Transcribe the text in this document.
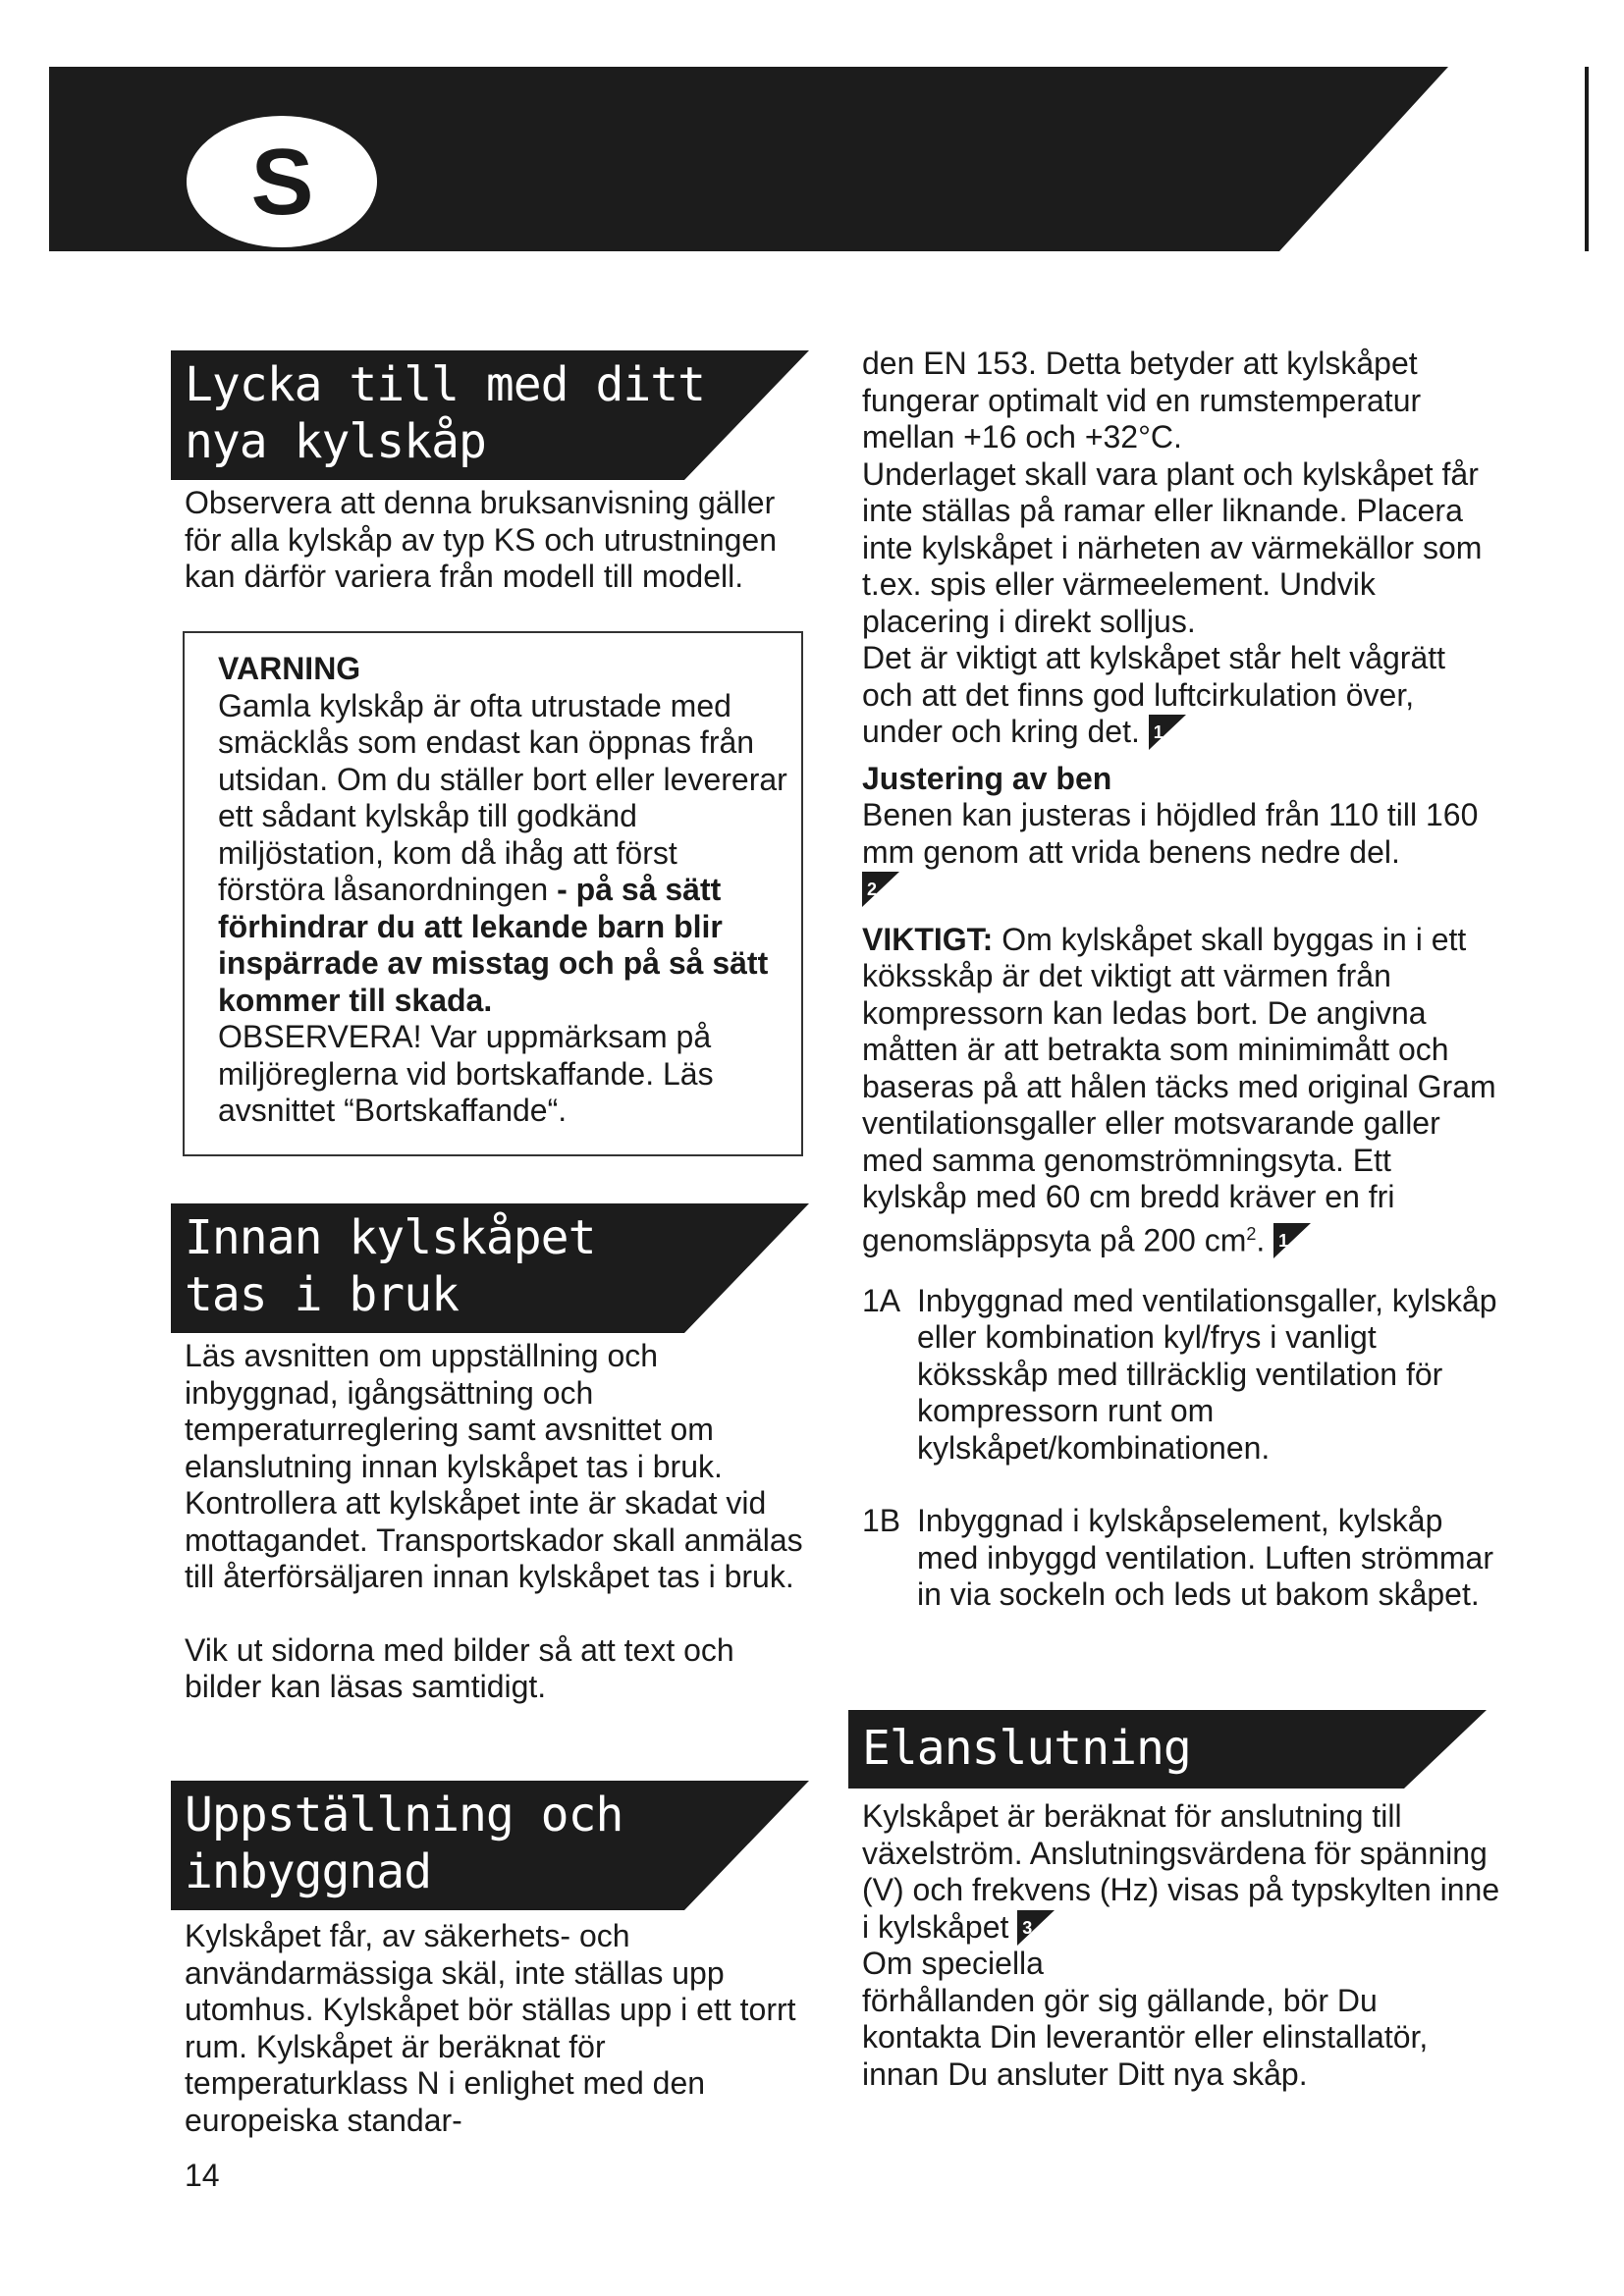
S
Lycka till med ditt
nya kylskåp
Observera att denna bruksanvisning gäller för alla kylskåp av typ KS och utrustningen kan därför variera från modell till modell.

VARNING

Gamla kylskåp är ofta utrustade med smäcklås som endast kan öppnas från utsidan. Om du ställer bort eller levererar ett sådant kylskåp till godkänd miljöstation, kom då ihåg att först förstöra låsanordningen - på så sätt förhindrar du att lekande barn blir inspärrade av misstag och på så sätt kommer till skada.

OBSERVERA! Var uppmärksam på miljöreglerna vid bortskaffande. Läs avsnittet “Bortskaffande“.

Innan kylskåpet
tas i bruk

Läs avsnitten om uppställning och inbyggnad, igångsättning och temperaturreglering samt avsnittet om elanslutning innan kylskåpet tas i bruk.

Kontrollera att kylskåpet inte är skadat vid mottagandet. Transportskador skall anmälas till återförsäljaren innan kylskåpet tas i bruk.

Vik ut sidorna med bilder så att text och bilder kan läsas samtidigt.

Uppställning och
inbyggnad
Kylskåpet får, av säkerhets- och användarmässiga skäl, inte ställas upp utomhus. Kylskåpet bör ställas upp i ett torrt rum. Kylskåpet är beräknat för temperaturklass N i enlighet med den europeiska standar-

den EN 153. Detta betyder att kylskåpet fungerar optimalt vid en rumstemperatur mellan +16 och +32°C.

Underlaget skall vara plant och kylskåpet får inte ställas på ramar eller liknande. Placera inte kylskåpet i närheten av värmekällor som t.ex. spis eller värmeelement. Undvik placering i direkt solljus.

Det är viktigt att kylskåpet står helt vågrätt och att det finns god luftcirkulation över, under och kring det. 1

Justering av ben

Benen kan justeras i höjdled från 110 till 160 mm genom att vrida benens nedre del.

2

VIKTIGT: Om kylskåpet skall byggas in i ett köksskåp är det viktigt att värmen från kompressorn kan ledas bort. De angivna måtten är att betrakta som minimimått och baseras på att hålen täcks med original Gram ventilationsgaller eller motsvarande galler med samma genomströmningsyta. Ett kylskåp med 60 cm bredd kräver en fri genomsläppsyta på 200 $cm^2$. 1

1A Inbyggnad med ventilationsgaller, kylskåp eller kombination kyl/frys i vanligt köksskåp med tillräcklig ventilation för kompressorn runt om kylskåpet/kombinationen.
1B Inbyggnad i kylskåpselement, kylskåp med inbyggd ventilation. Luften strömmar in via sockeln och leds ut bakom skåpet.
Elanslutning

Kylskåpet är beräknat för anslutning till växelström. Anslutningsvärdena för spänning (V) och frekvens (Hz) visas på typskylten inne i kylskåpet 3

Om speciella

förhållanden gör sig gällande, bör Du kontakta Din leverantör eller elinstallatör, innan Du ansluter Ditt nya skåp.

14
